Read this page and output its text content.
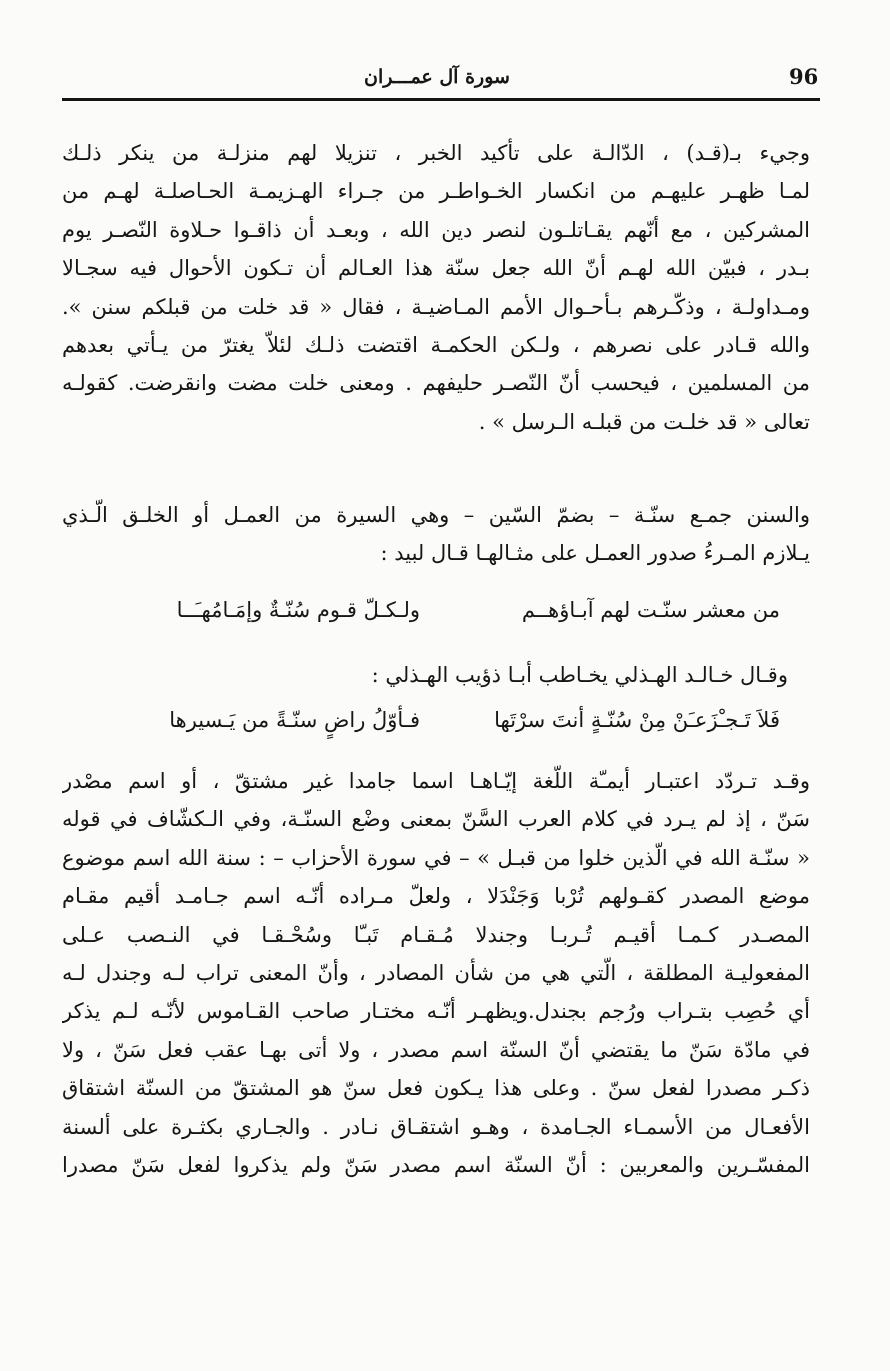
96
سورة آل عمـــران
وجيء بـ(قـد) ، الدّالـة على تأكيد الخبر ، تنزيلا لهم منزلـة من ينكر ذلـك
لمـا ظهـر عليهـم من انكسار الخـواطـر من جـراء الهـزيمـة الحـاصلـة لهـم من
المشركين ، مع أنّهم يقـاتلـون لنصر دين الله ، وبعـد أن ذاقـوا حـلاوة النّصـر يوم
بـدر ، فبيّن الله لهـم أنّ الله جعل سنّة هذا العـالم أن تـكون الأحوال فيه سجـالا
ومـداولـة ، وذكّـرهم بـأحـوال الأمم المـاضيـة ، فقال « قد خلت من قبلكم سنن ».
والله قـادر على نصرهم ، ولـكن الحكمـة اقتضت ذلـك لئلاّ يغترّ من يـأتي بعدهم
من المسلمين ، فيحسب أنّ النّصـر حليفهم . ومعنى خلت مضت وانقرضت. كقولـه
تعالى « قد خلـت من قبلـه الـرسل » .
والسنن جمـع سنّـة – بضمّ السّين – وهي السيرة من العمـل أو الخلـق الّـذي
يـلازم المـرءُ صدور العمـل على مثـالهـا قـال لبيد :
من معشر سنّـت لهم آبـاؤهــم
ولـكـلّ قـوم سُنّـةٌ وإمَـامُهـَــا
وقـال خـالـد الهـذلي يخـاطب أبـا ذؤيب الهـذلي :
فَلاَ تَـجـْزَعـَنْ مِنْ سُنّـةٍ أنتَ سرْتَها
فـأوّلُ راضٍ سنّـةً من يَـسيرها
وقـد تـردّد اعتبـار أيمـّة اللّغة إيّـاهـا اسما جامدا غير مشتقّ ، أو اسم مصْدر
سَنّ ، إذ لم يـرد في كلام العرب السَّنّ بمعنى وضْع السنّـة، وفي الـكشّاف في قوله
« سنّـة الله في الّذين خلوا من قبـل » – في سورة الأحزاب – : سنة الله اسم موضوع
موضع المصدر كقـولهم تُرْبا وَجَنْدَلا ، ولعلّ مـراده أنّـه اسم جـامـد أقيم مقـام
المصـدر كـمـا أقيـم تُـربـا وجندلا مُـقـام تَبـّا وسُحْـقـا في النـصب عـلى
المفعوليـة المطلقة ، الّتي هي من شأن المصادر ، وأنّ المعنى تراب لـه وجندل لـه
أي حُصِب بتـراب ورُجم بجندل.ويظهـر أنّـه مختـار صاحب القـاموس لأنّـه لـم يذكر
في مادّة سَنّ ما يقتضي أنّ السنّة اسم مصدر ، ولا أتى بهـا عقب فعل سَنّ ، ولا
ذكـر مصدرا لفعل سنّ . وعلى هذا يـكون فعل سنّ هو المشتقّ من السنّة اشتقاق
الأفعـال من الأسمـاء الجـامدة ، وهـو اشتقـاق نـادر . والجـاري بكثـرة على ألسنة
المفسّـرين والمعربين : أنّ السنّة اسم مصدر سَنّ ولم يذكروا لفعل سَنّ مصدرا
